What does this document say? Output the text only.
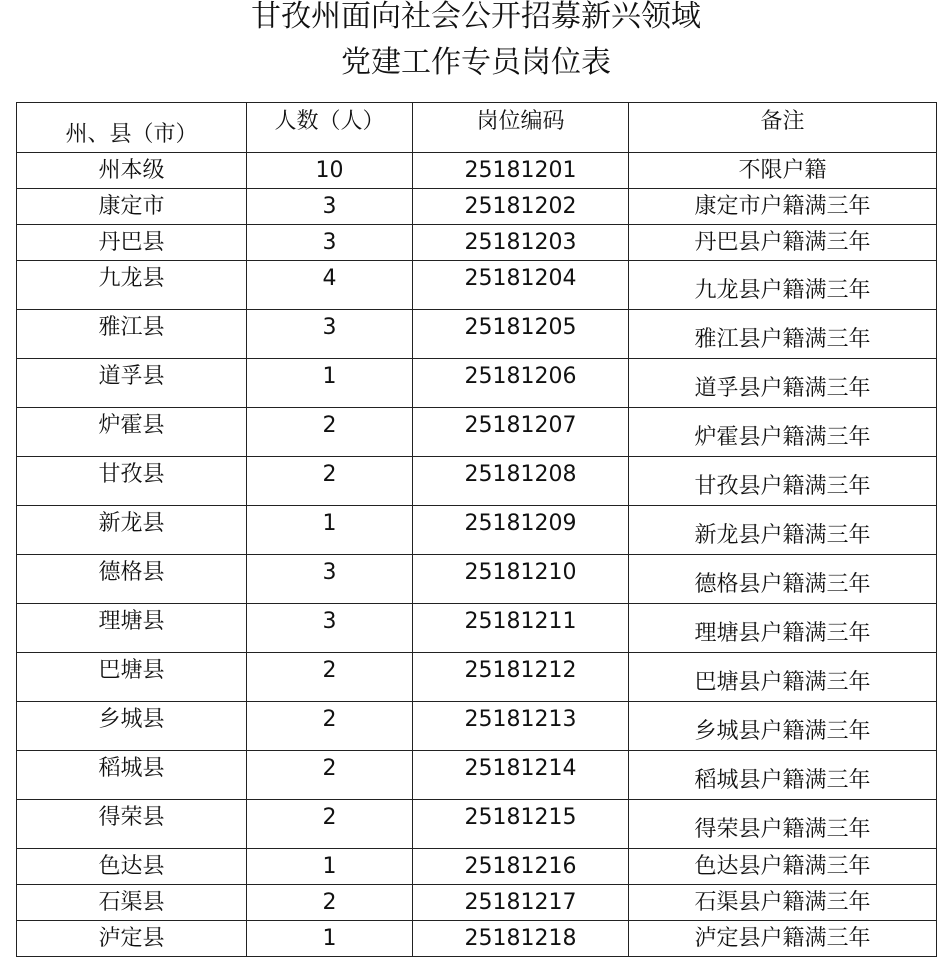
甘孜州面向社会公开招募新兴领域
党建工作专员岗位表
州、县（市）	人数（人）	岗位编码	备注

州本级	10	25181201	不限户籍

康定市	3	25181202	康定市户籍满三年

丹巴县	3	25181203	丹巴县户籍满三年

九龙县	4	25181204	九龙县户籍满三年

雅江县	3	25181205	雅江县户籍满三年

道孚县	1	25181206	道孚县户籍满三年

炉霍县	2	25181207	炉霍县户籍满三年

甘孜县	2	25181208	甘孜县户籍满三年

新龙县	1	25181209	新龙县户籍满三年

德格县	3	25181210	德格县户籍满三年

理塘县	3	25181211	理塘县户籍满三年

巴塘县	2	25181212	巴塘县户籍满三年

乡城县	2	25181213	乡城县户籍满三年

稻城县	2	25181214	稻城县户籍满三年

得荣县	2	25181215	得荣县户籍满三年

色达县	1	25181216	色达县户籍满三年

石渠县	2	25181217	石渠县户籍满三年

泸定县	1	25181218	泸定县户籍满三年
